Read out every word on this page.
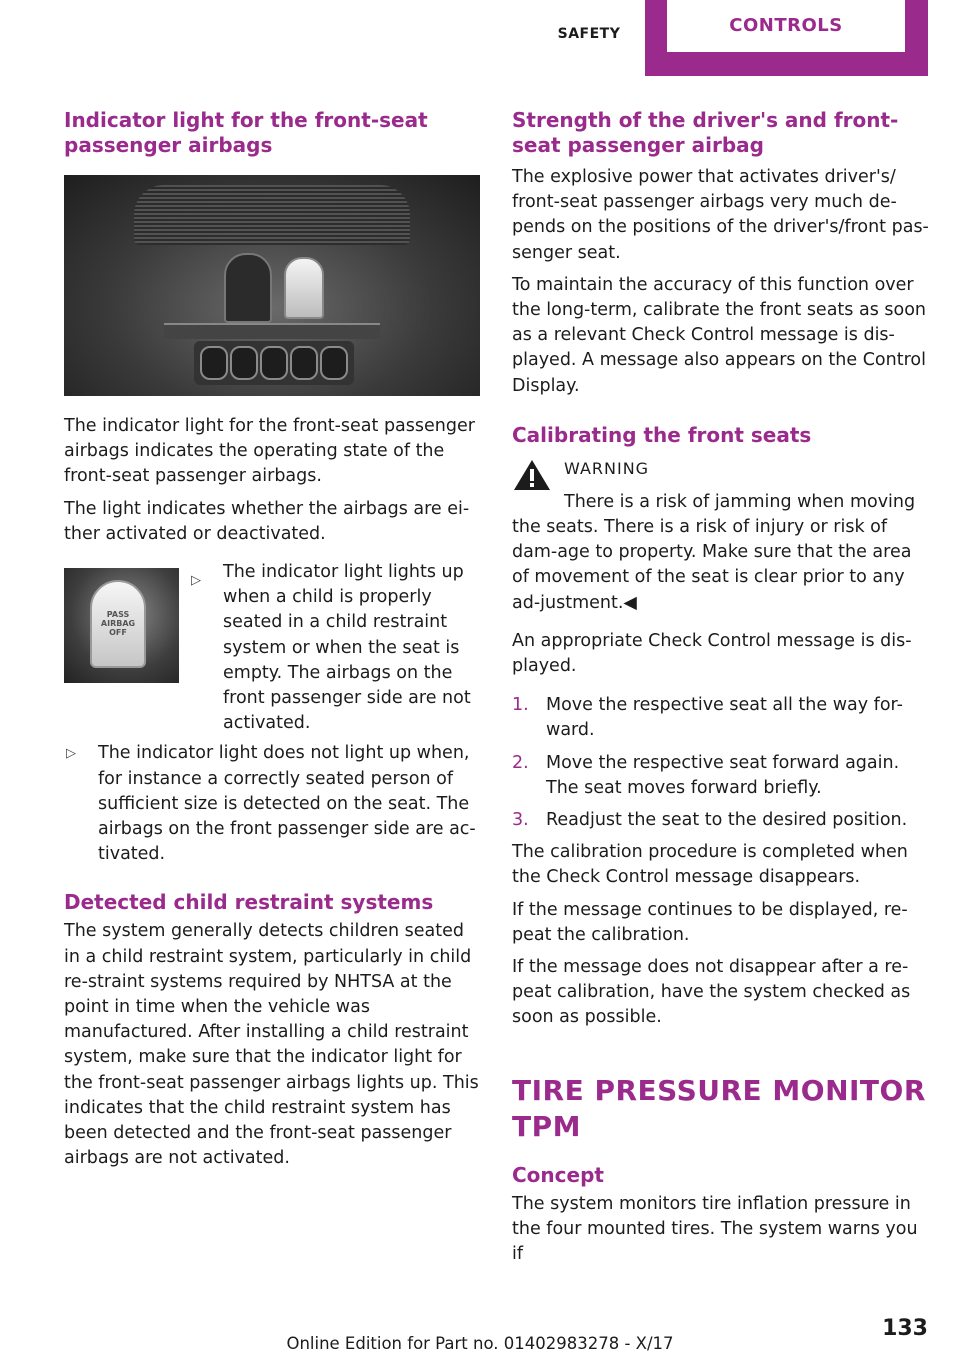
SAFETY	CONTROLS
Indicator light for the front-seat passenger airbags

The indicator light for the front-seat passenger airbags indicates the operating state of the front-seat passenger airbags.

The light indicates whether the airbags are ei-ther activated or deactivated.

PASS
AIRBAG
OFF
▷	The indicator light lights up when a child is properly seated in a child restraint system or when the seat is empty. The airbags on the front passenger side are not activated.

▷	The indicator light does not light up when, for instance a correctly seated person of sufficient size is detected on the seat. The airbags on the front passenger side are ac-tivated.

Detected child restraint systems

The system generally detects children seated in a child restraint system, particularly in child re-straint systems required by NHTSA at the point in time when the vehicle was manufactured. After installing a child restraint system, make sure that the indicator light for the front-seat passenger airbags lights up. This indicates that the child restraint system has been detected and the front-seat passenger airbags are not activated.

Strength of the driver's and front-seat passenger airbag

The explosive power that activates driver's/ front-seat passenger airbags very much de-pends on the positions of the driver's/front pas-senger seat.

To maintain the accuracy of this function over the long-term, calibrate the front seats as soon as a relevant Check Control message is dis-played. A message also appears on the Control Display.

Calibrating the front seats
WARNING

There is a risk of jamming when moving the seats. There is a risk of injury or risk of dam-age to property. Make sure that the area of movement of the seat is clear prior to any ad-justment.◀

An appropriate Check Control message is dis-played.

1. Move the respective seat all the way for-ward.

2. Move the respective seat forward again. The seat moves forward briefly.

3. Readjust the seat to the desired position.

The calibration procedure is completed when the Check Control message disappears.

If the message continues to be displayed, re-peat the calibration.

If the message does not disappear after a re-peat calibration, have the system checked as soon as possible.

TIRE PRESSURE MONITOR TPM
Concept

The system monitors tire inflation pressure in the four mounted tires. The system warns you if

Online Edition for Part no. 01402983278 - X/17
133
